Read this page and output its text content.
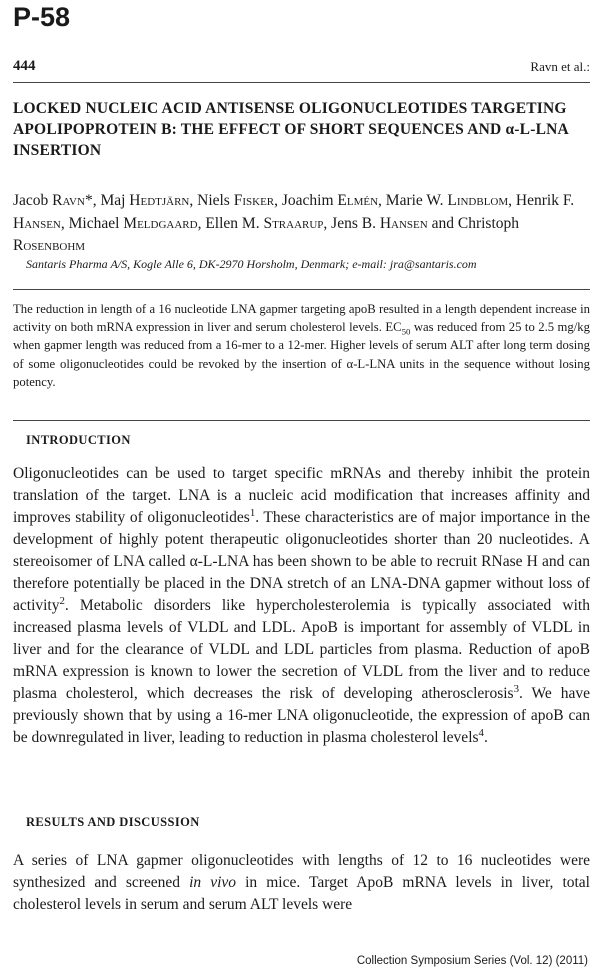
P-58
444	Ravn et al.:
LOCKED NUCLEIC ACID ANTISENSE OLIGONUCLEOTIDES TARGETING APOLIPOPROTEIN B: THE EFFECT OF SHORT SEQUENCES AND α-L-LNA INSERTION

Jacob Ravn*, Maj Hedtjärn, Niels Fisker, Joachim Elmén, Marie W. Lindblom, Henrik F. Hansen, Michael Meldgaard, Ellen M. Straarup, Jens B. Hansen and Christoph Rosenbohm

Santaris Pharma A/S, Kogle Alle 6, DK-2970 Horsholm, Denmark; e-mail: jra@santaris.com

The reduction in length of a 16 nucleotide LNA gapmer targeting apoB resulted in a length dependent increase in activity on both mRNA expression in liver and serum cholesterol levels. $EC_{50}$ was reduced from 25 to 2.5 mg/kg when gapmer length was reduced from a 16-mer to a 12-mer. Higher levels of serum ALT after long term dosing of some oligonucleotides could be revoked by the insertion of α-L-LNA units in the sequence without losing potency.

INTRODUCTION

Oligonucleotides can be used to target specific mRNAs and thereby inhibit the protein translation of the target. LNA is a nucleic acid modification that increases affinity and improves stability of oligonucleotides$^1$. These characteristics are of major importance in the development of highly potent therapeutic oligonucleotides shorter than 20 nucleotides. A stereoisomer of LNA called α-L-LNA has been shown to be able to recruit RNase H and can therefore potentially be placed in the DNA stretch of an LNA-DNA gapmer without loss of activity$^2$. Metabolic disorders like hypercholesterolemia is typically associated with increased plasma levels of VLDL and LDL. ApoB is important for assembly of VLDL in liver and for the clearance of VLDL and LDL particles from plasma. Reduction of apoB mRNA expression is known to lower the secretion of VLDL from the liver and to reduce plasma cholesterol, which decreases the risk of developing atherosclerosis$^3$. We have previously shown that by using a 16-mer LNA oligonucleotide, the expression of apoB can be downregulated in liver, leading to reduction in plasma cholesterol levels$^4$.

RESULTS AND DISCUSSION

A series of LNA gapmer oligonucleotides with lengths of 12 to 16 nucleotides were synthesized and screened in vivo in mice. Target ApoB mRNA levels in liver, total cholesterol levels in serum and serum ALT levels were

Collection Symposium Series (Vol. 12) (2011)
